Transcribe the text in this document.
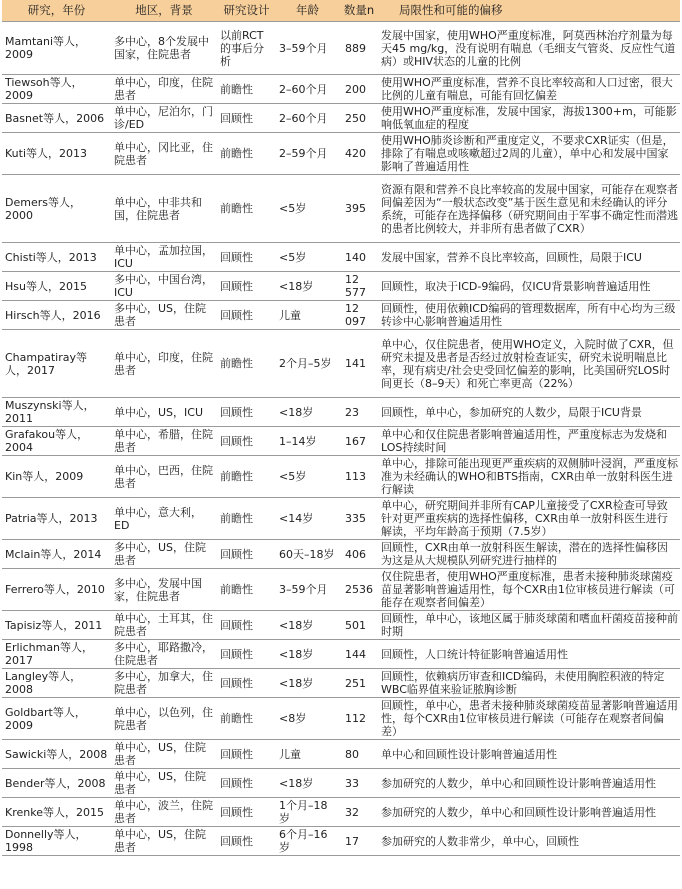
研究，年份	地区，背景	研究设计	年龄	数量n	局限性和可能的偏移
Mamtani等人，2009	多中心，8个发展中国家，住院患者	以前RCT的事后分析	3–59个月	889	发展中国家，使用WHO严重度标准，阿莫西林治疗剂量为每天45 mg/kg，没有说明有喘息（毛细支气管炎、反应性气道病）或HIV状态的儿童的比例
Tiewsoh等人，2009	单中心，印度，住院患者	前瞻性	2–60个月	200	使用WHO严重度标准，营养不良比率较高和人口过密，很大比例的儿童有喘息，可能有回忆偏差
Basnet等人，2006	单中心，尼泊尔，门诊/ED	回顾性	2–60个月	250	使用WHO严重度标准，发展中国家，海拔1300+m，可能影响低氧血症的程度
Kuti等人，2013	单中心，冈比亚，住院患者	前瞻性	2–59个月	420	使用WHO肺炎诊断和严重度定义，不要求CXR证实（但是，排除了有喘息或咳嗽超过2周的儿童），单中心和发展中国家影响了普遍适用性
Demers等人，2000	单中心，中非共和国，住院患者	前瞻性	<5岁	395	资源有限和营养不良比率较高的发展中国家，可能存在观察者间偏差因为“一般状态改变”基于医生意见和未经确认的评分系统，可能存在选择偏移（研究期间由于军事不确定性而潜逃的患者比例较大，并非所有患者做了CXR）
Chisti等人，2013	单中心，孟加拉国，ICU	回顾性	<5岁	140	发展中国家，营养不良比率较高，回顾性，局限于ICU
Hsu等人，2015	多中心，中国台湾，ICU	回顾性	<18岁	12 577	回顾性，取决于ICD-9编码，仅ICU背景影响普遍适用性
Hirsch等人，2016	多中心，US，住院患者	回顾性	儿童	12 097	回顾性，使用依赖ICD编码的管理数据库，所有中心均为三级转诊中心影响普遍适用性
Champatiray等人，2017	单中心，印度，住院患者	前瞻性	2个月–5岁	141	单中心，仅住院患者，使用WHO定义，入院时做了CXR，但研究未提及患者是否经过放射检查证实，研究未说明喘息比率，现有病史/社会史受回忆偏差的影响，比美国研究LOS时间更长（8–9天）和死亡率更高（22%）
Muszynski等人，2011	单中心，US，ICU	回顾性	<18岁	23	回顾性，单中心，参加研究的人数少，局限于ICU背景
Grafakou等人，2004	单中心，希腊，住院患者	回顾性	1–14岁	167	单中心和仅住院患者影响普遍适用性，严重度标志为发烧和LOS持续时间
Kin等人，2009	单中心，巴西，住院患者	前瞻性	<5岁	113	单中心，排除可能出现更严重疾病的双侧肺叶浸润，严重度标准为未经确认的WHO和BTS指南，CXR由单一放射科医生进行解读
Patria等人，2013	单中心，意大利，ED	前瞻性	<14岁	335	单中心，研究期间并非所有CAP儿童接受了CXR检查可导致针对更严重疾病的选择性偏移，CXR由单一放射科医生进行解读，平均年龄高于预期（7.5岁）
Mclain等人，2014	多中心，US，住院患者	回顾性	60天–18岁	406	回顾性，CXR由单一放射科医生解读，潜在的选择性偏移因为这是从大规模队列研究进行抽样的
Ferrero等人，2010	多中心，发展中国家，住院患者	前瞻性	3–59个月	2536	仅住院患者，使用WHO严重度标准，患者未接种肺炎球菌疫苗显著影响普遍适用性，每个CXR由1位审核员进行解读（可能存在观察者间偏差）
Tapisiz等人，2011	单中心，土耳其，住院患者	回顾性	<18岁	501	回顾性，单中心，该地区属于肺炎球菌和嗜血杆菌疫苗接种前时期
Erlichman等人，2017	多中心，耶路撒冷，住院患者	回顾性	<18岁	144	回顾性，人口统计特征影响普遍适用性
Langley等人，2008	多中心，加拿大，住院患者	回顾性	<18岁	251	回顾性，依赖病历审查和ICD编码，未使用胸腔积液的特定WBC临界值来验证脓胸诊断
Goldbart等人，2009	单中心，以色列，住院患者	前瞻性	<8岁	112	回顾性，单中心，患者未接种肺炎球菌疫苗显著影响普遍适用性，每个CXR由1位审核员进行解读（可能存在观察者间偏差）
Sawicki等人，2008	单中心，US，住院患者	回顾性	儿童	80	单中心和回顾性设计影响普遍适用性
Bender等人，2008	单中心，US，住院患者	回顾性	<18岁	33	参加研究的人数少，单中心和回顾性设计影响普遍适用性
Krenke等人，2015	单中心，波兰，住院患者	回顾性	1个月–18岁	32	参加研究的人数少，单中心和回顾性设计影响普遍适用性
Donnelly等人，1998	单中心，US，住院患者	回顾性	6个月–16岁	17	参加研究的人数非常少，单中心，回顾性
